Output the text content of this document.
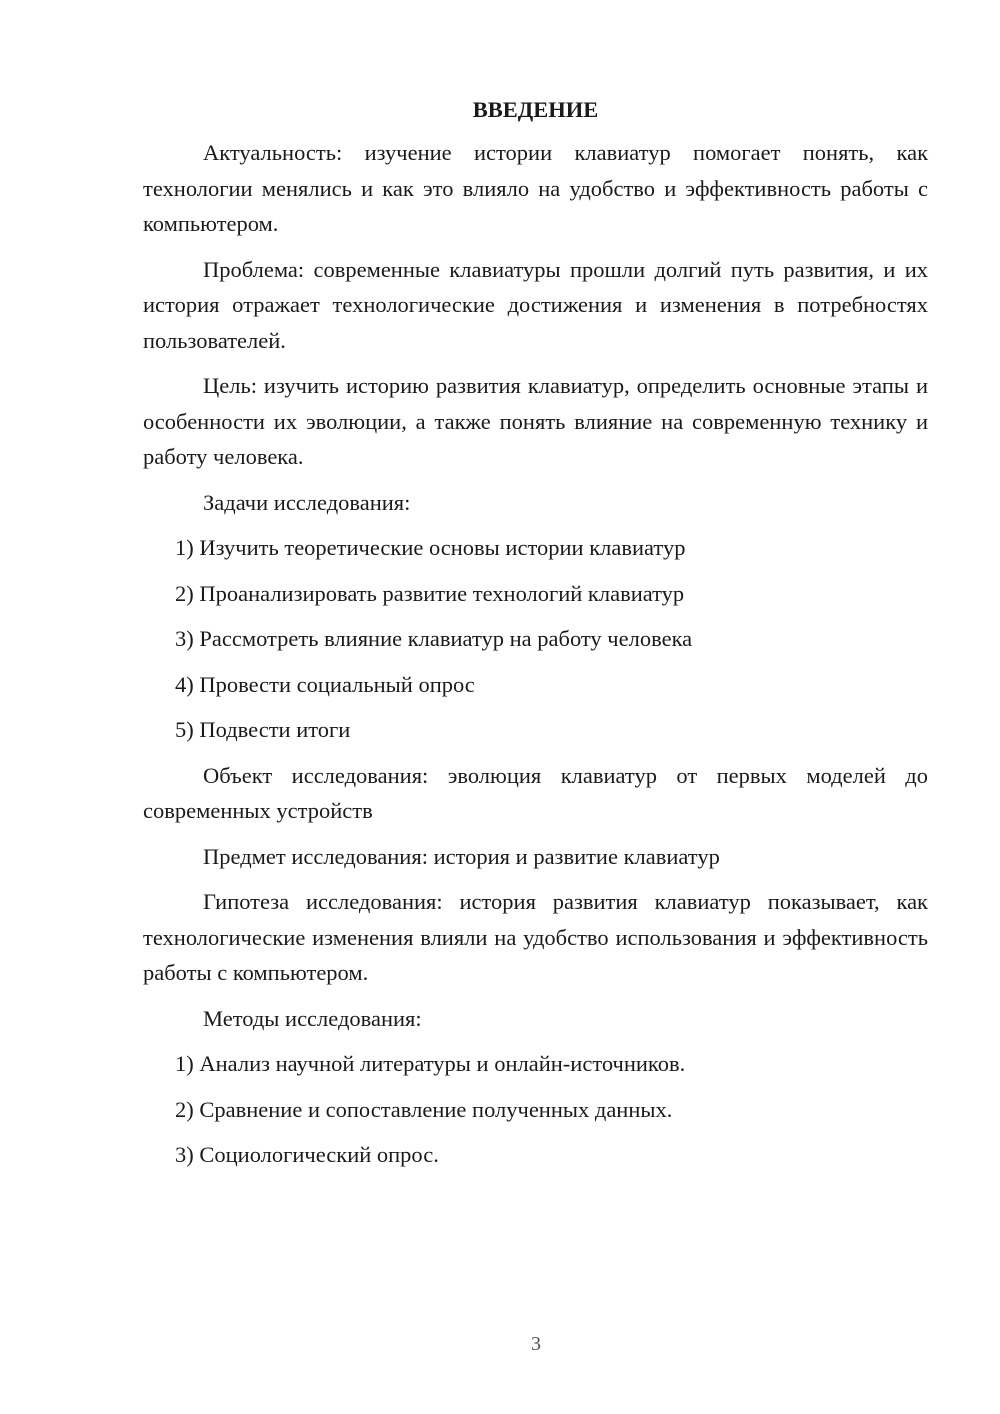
ВВЕДЕНИЕ

Актуальность: изучение истории клавиатур помогает понять, как технологии менялись и как это влияло на удобство и эффективность работы с компьютером.

Проблема: современные клавиатуры прошли долгий путь развития, и их история отражает технологические достижения и изменения в потребностях пользователей.

Цель: изучить историю развития клавиатур, определить основные этапы и особенности их эволюции, а также понять влияние на современную технику и работу человека.

Задачи исследования:

1) Изучить теоретические основы истории клавиатур

2) Проанализировать развитие технологий клавиатур

3) Рассмотреть влияние клавиатур на работу человека

4) Провести социальный опрос

5) Подвести итоги

Объект исследования: эволюция клавиатур от первых моделей до современных устройств

Предмет исследования: история и развитие клавиатур

Гипотеза исследования: история развития клавиатур показывает, как технологические изменения влияли на удобство использования и эффективность работы с компьютером.

Методы исследования:

1) Анализ научной литературы и онлайн-источников.

2) Сравнение и сопоставление полученных данных.

3) Социологический опрос.

3
